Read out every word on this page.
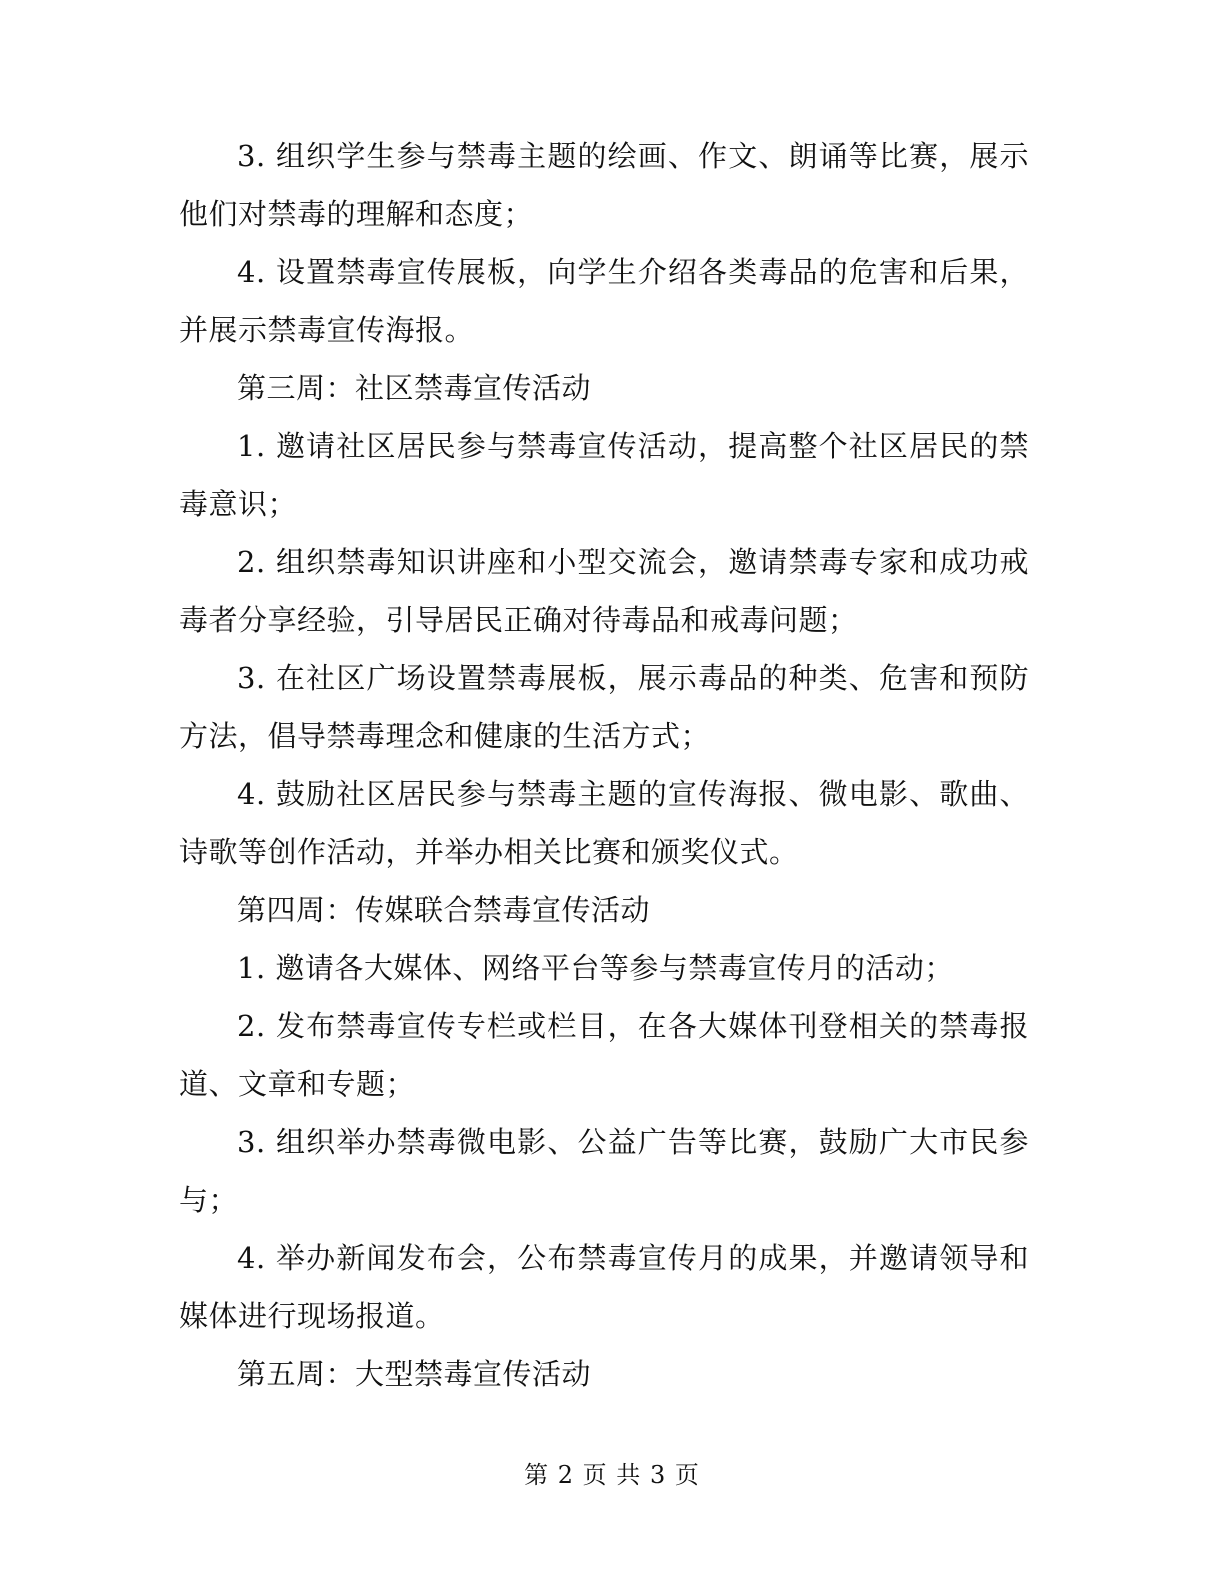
3. 组织学生参与禁毒主题的绘画、作文、朗诵等比赛，展示他们对禁毒的理解和态度；

4. 设置禁毒宣传展板，向学生介绍各类毒品的危害和后果，并展示禁毒宣传海报。

第三周：社区禁毒宣传活动

1. 邀请社区居民参与禁毒宣传活动，提高整个社区居民的禁毒意识；

2. 组织禁毒知识讲座和小型交流会，邀请禁毒专家和成功戒毒者分享经验，引导居民正确对待毒品和戒毒问题；

3. 在社区广场设置禁毒展板，展示毒品的种类、危害和预防方法，倡导禁毒理念和健康的生活方式；

4. 鼓励社区居民参与禁毒主题的宣传海报、微电影、歌曲、诗歌等创作活动，并举办相关比赛和颁奖仪式。

第四周：传媒联合禁毒宣传活动

1. 邀请各大媒体、网络平台等参与禁毒宣传月的活动；

2. 发布禁毒宣传专栏或栏目，在各大媒体刊登相关的禁毒报道、文章和专题；

3. 组织举办禁毒微电影、公益广告等比赛，鼓励广大市民参与；

4. 举办新闻发布会，公布禁毒宣传月的成果，并邀请领导和媒体进行现场报道。

第五周：大型禁毒宣传活动

第 2 页 共 3 页
